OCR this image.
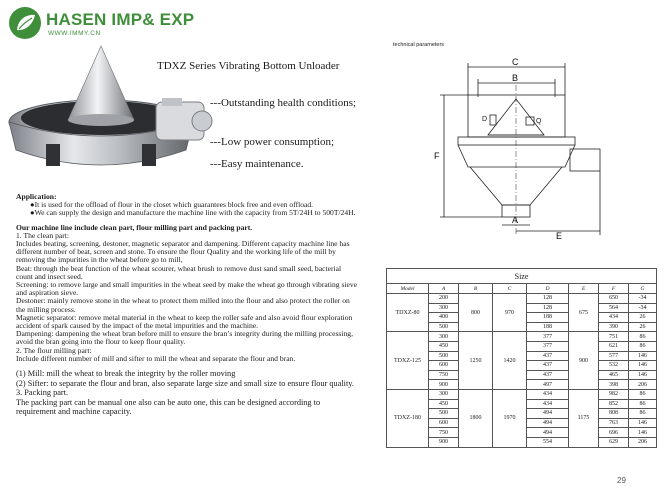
HASEN IMP& EXP
WWW.IMMY.CN
TDXZ Series Vibrating Bottom Unloader
---Outstanding health conditions;
---Low power consumption;
---Easy maintenance.
technical parameters
C
B
D	Q
F
A
E

Application:

●It is used for the offload of flour in the closet which guarantees block free and even offload.

●We can supply the design and manufacture the machine line with the capacity from 5T/24H to 500T/24H.

Our machine line include clean part, flour milling part and packing part.

1. The clean part:

Includes beating, screening, destoner, magnetic separator and dampening. Different capacity machine line has different number of beat, screen and stone. To ensure the flour Quality and the working life of the mill by removing the impurities in the wheat before go to mill,

Beat: through the beat function of the wheat scourer, wheat brush to remove dust sand small seed, bacterial count and insect seed.

Screening: to remove large and small impurities in the wheat seed by make the wheat go through vibrating sieve and aspiration sieve.

Destoner: mainly remove stone in the wheat to protect them milled into the flour and also protect the roller on the milling process.

Magnetic separator: remove metal material in the wheat to keep the roller safe and also avoid flour exploration accident of spark caused by the impact of the metal impurities and the machine.

Dampening: dampening the wheat bran before mill to ensure the bran’s integrity during the milling processing, avoid the bran going into the flour to keep flour quality.

2. The flour milling part:

Include different number of mill and sifter to mill the wheat and separate the flour and bran.

(1) Mill: mill the wheat to break the integrity by the roller moving

(2) Sifter: to separate the flour and bran, also separate large size and small size to ensure flour quality.

3. Packing part.

The packing part can be manual one also can be auto one, this can be designed according to requirement and machine capacity.

Size							
Model	A	B	C	D	E	F	G
TDXZ-80	200	800	970	128	675	650	-34
	300			128		564	-34
	400			188		434	26
	500			188		390	26
TDXZ-125	300	1250	1420	377	900	751	86
	450			377		621	86
	500			437		577	146
	600			437		532	146
	750			437		465	146
	900			497		398	206
TDXZ-180	300	1800	1970	434	1175	982	86
	450			434		852	86
	500			494		808	86
	600			494		763	146
	750			494		696	146
	900			554		629	206
29
